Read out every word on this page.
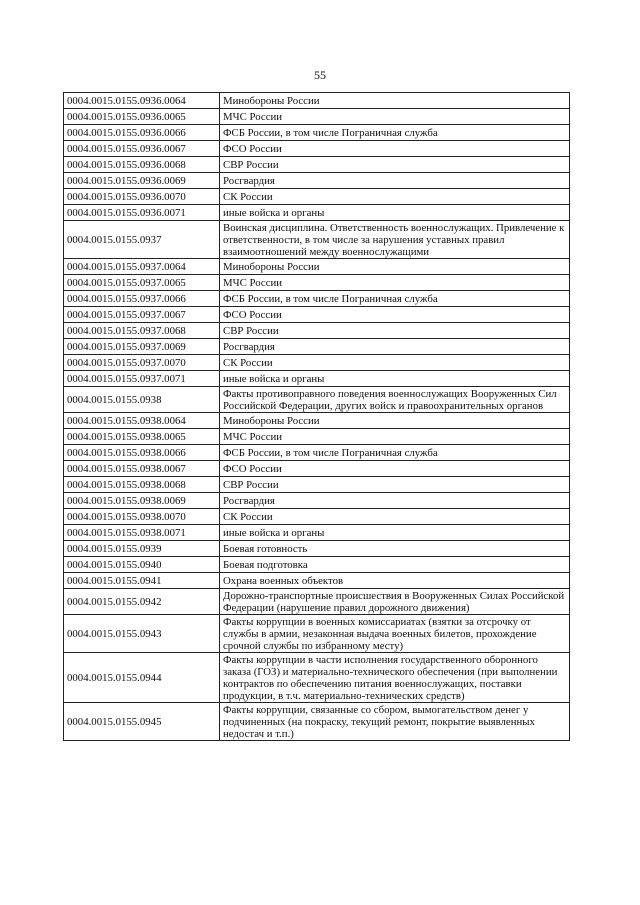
55
0004.0015.0155.0936.0064	Минобороны России
0004.0015.0155.0936.0065	МЧС России
0004.0015.0155.0936.0066	ФСБ России, в том числе Пограничная служба
0004.0015.0155.0936.0067	ФСО России
0004.0015.0155.0936.0068	СВР России
0004.0015.0155.0936.0069	Росгвардия
0004.0015.0155.0936.0070	СК России
0004.0015.0155.0936.0071	иные войска и органы
0004.0015.0155.0937	Воинская дисциплина. Ответственность военнослужащих. Привлечение к ответственности, в том числе за нарушения уставных правил взаимоотношений между военнослужащими
0004.0015.0155.0937.0064	Минобороны России
0004.0015.0155.0937.0065	МЧС России
0004.0015.0155.0937.0066	ФСБ России, в том числе Пограничная служба
0004.0015.0155.0937.0067	ФСО России
0004.0015.0155.0937.0068	СВР России
0004.0015.0155.0937.0069	Росгвардия
0004.0015.0155.0937.0070	СК России
0004.0015.0155.0937.0071	иные войска и органы
0004.0015.0155.0938	Факты противоправного поведения военнослужащих Вооруженных Сил Российской Федерации, других войск и правоохранительных органов
0004.0015.0155.0938.0064	Минобороны России
0004.0015.0155.0938.0065	МЧС России
0004.0015.0155.0938.0066	ФСБ России, в том числе Пограничная служба
0004.0015.0155.0938.0067	ФСО России
0004.0015.0155.0938.0068	СВР России
0004.0015.0155.0938.0069	Росгвардия
0004.0015.0155.0938.0070	СК России
0004.0015.0155.0938.0071	иные войска и органы
0004.0015.0155.0939	Боевая готовность
0004.0015.0155.0940	Боевая подготовка
0004.0015.0155.0941	Охрана военных объектов
0004.0015.0155.0942	Дорожно-транспортные происшествия в Вооруженных Силах Российской Федерации (нарушение правил дорожного движения)
0004.0015.0155.0943	Факты коррупции в военных комиссариатах (взятки за отсрочку от службы в армии, незаконная выдача военных билетов, прохождение срочной службы по избранному месту)
0004.0015.0155.0944	Факты коррупции в части исполнения государственного оборонного заказа (ГОЗ) и материально-технического обеспечения (при выполнении контрактов по обеспечению питания военнослужащих, поставки продукции, в т.ч. материально-технических средств)
0004.0015.0155.0945	Факты коррупции, связанные со сбором, вымогательством денег у подчиненных (на покраску, текущий ремонт, покрытие выявленных недостач и т.п.)
